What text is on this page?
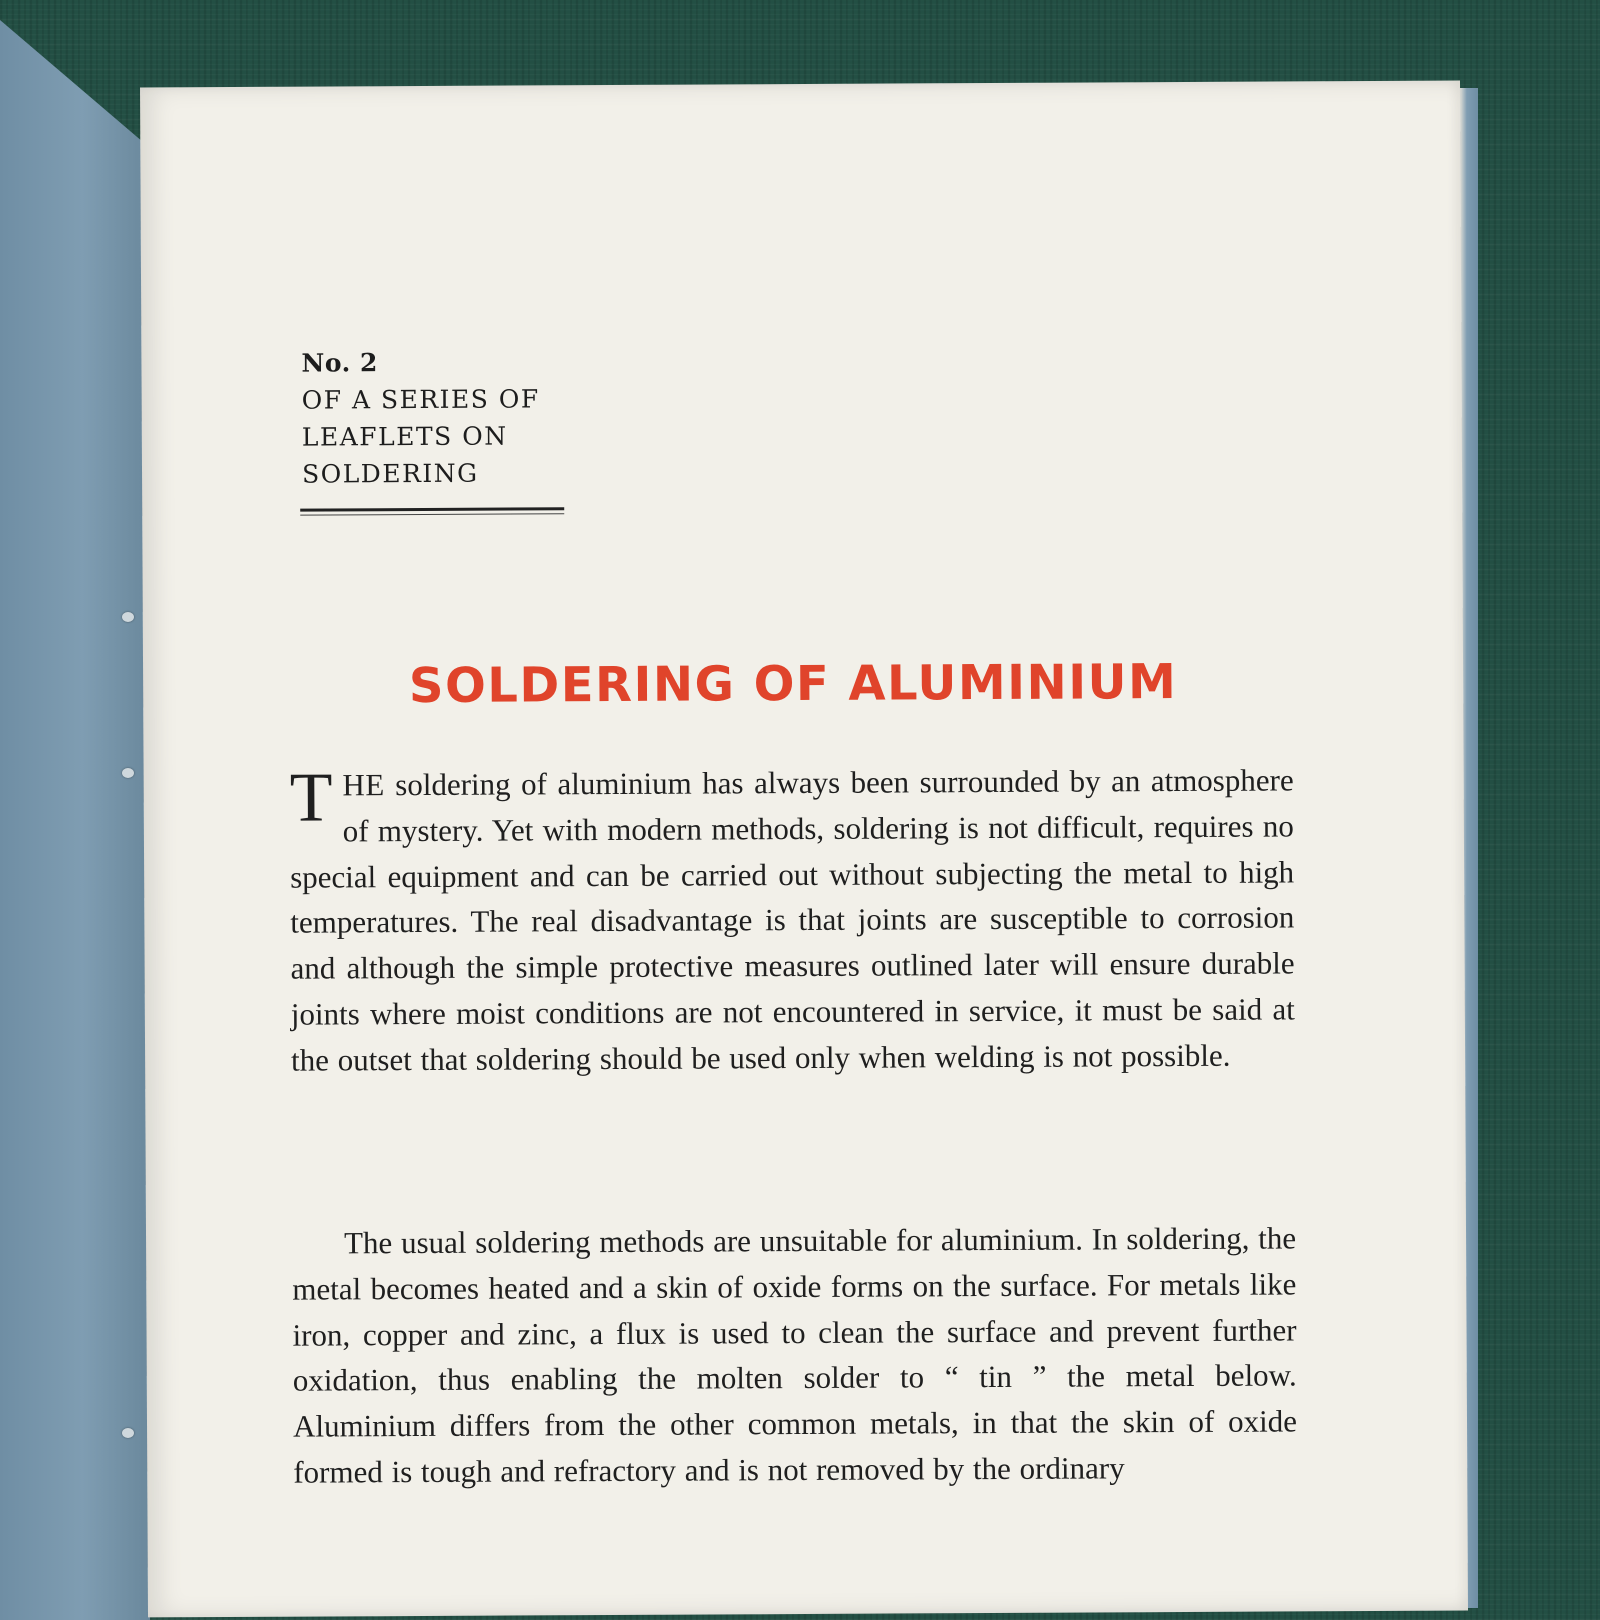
No. 2
OF A SERIES OF
LEAFLETS ON
SOLDERING
SOLDERING OF ALUMINIUM

THE soldering of aluminium has always been surrounded by an atmosphere of mystery. Yet with modern methods, soldering is not difficult, requires no special equipment and can be carried out without subjecting the metal to high temperatures. The real disadvantage is that joints are susceptible to corrosion and although the simple protective measures outlined later will ensure durable joints where moist conditions are not encountered in service, it must be said at the outset that soldering should be used only when welding is not possible.

The usual soldering methods are unsuitable for aluminium. In soldering, the metal becomes heated and a skin of oxide forms on the surface. For metals like iron, copper and zinc, a flux is used to clean the surface and prevent further oxidation, thus enabling the molten solder to “ tin ” the metal below. Aluminium differs from the other common metals, in that the skin of oxide formed is tough and refractory and is not removed by the ordinary
